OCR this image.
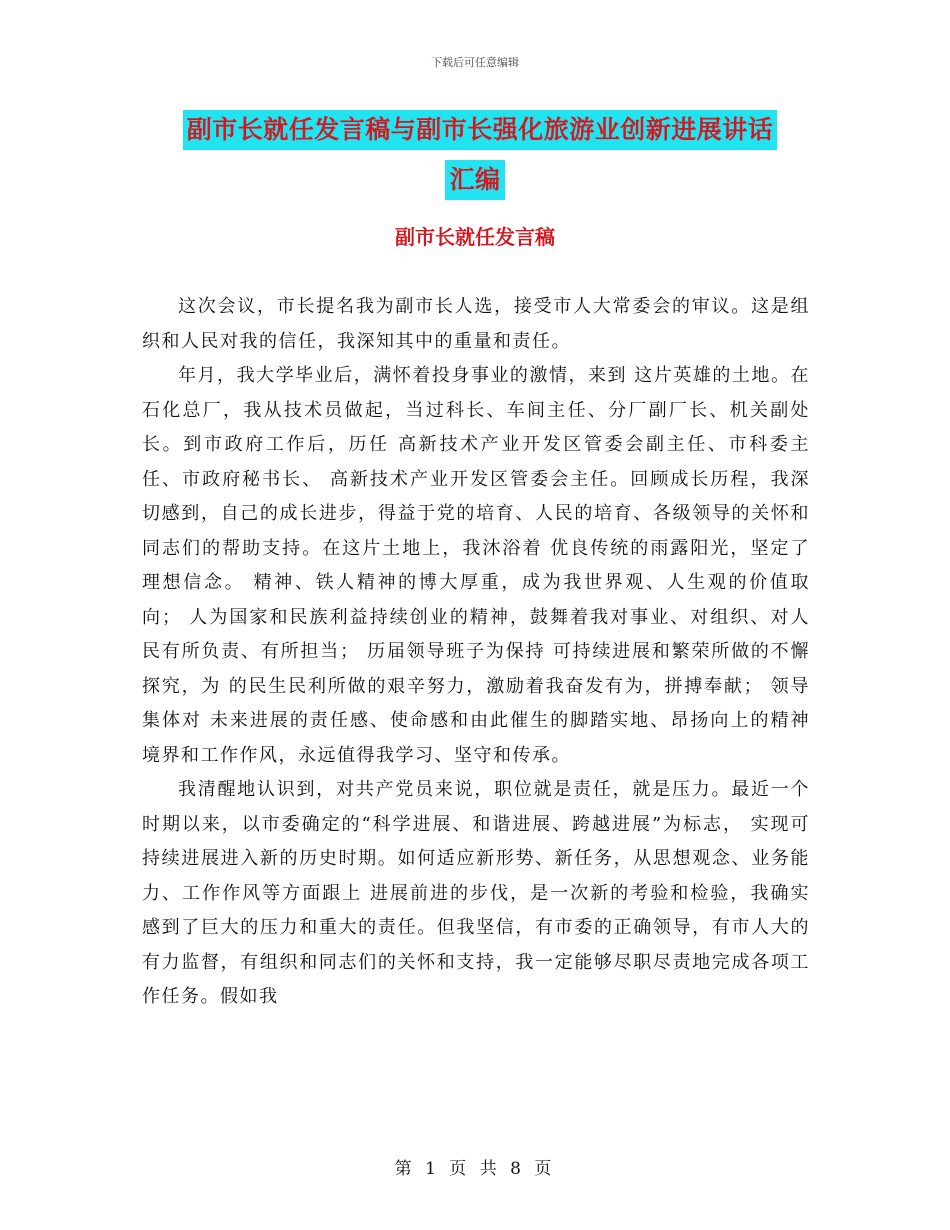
下载后可任意编辑
副市长就任发言稿与副市长强化旅游业创新进展讲话
汇编
副市长就任发言稿

这次会议，市长提名我为副市长人选，接受市人大常委会的审议。这是组织和人民对我的信任，我深知其中的重量和责任。

年月，我大学毕业后，满怀着投身事业的激情，来到 这片英雄的土地。在石化总厂，我从技术员做起，当过科长、车间主任、分厂副厂长、机关副处长。到市政府工作后，历任 高新技术产业开发区管委会副主任、市科委主任、市政府秘书长、 高新技术产业开发区管委会主任。回顾成长历程，我深切感到，自己的成长进步，得益于党的培育、人民的培育、各级领导的关怀和同志们的帮助支持。在这片土地上，我沐浴着 优良传统的雨露阳光，坚定了理想信念。 精神、铁人精神的博大厚重，成为我世界观、人生观的价值取向； 人为国家和民族利益持续创业的精神，鼓舞着我对事业、对组织、对人民有所负责、有所担当； 历届领导班子为保持 可持续进展和繁荣所做的不懈探究，为 的民生民利所做的艰辛努力，激励着我奋发有为，拼搏奉献； 领导集体对 未来进展的责任感、使命感和由此催生的脚踏实地、昂扬向上的精神境界和工作作风，永远值得我学习、坚守和传承。

我清醒地认识到，对共产党员来说，职位就是责任，就是压力。最近一个时期以来，以市委确定的“科学进展、和谐进展、跨越进展”为标志， 实现可持续进展进入新的历史时期。如何适应新形势、新任务，从思想观念、业务能力、工作作风等方面跟上 进展前进的步伐，是一次新的考验和检验，我确实感到了巨大的压力和重大的责任。但我坚信，有市委的正确领导，有市人大的有力监督，有组织和同志们的关怀和支持，我一定能够尽职尽责地完成各项工作任务。假如我

第 1 页 共 8 页
